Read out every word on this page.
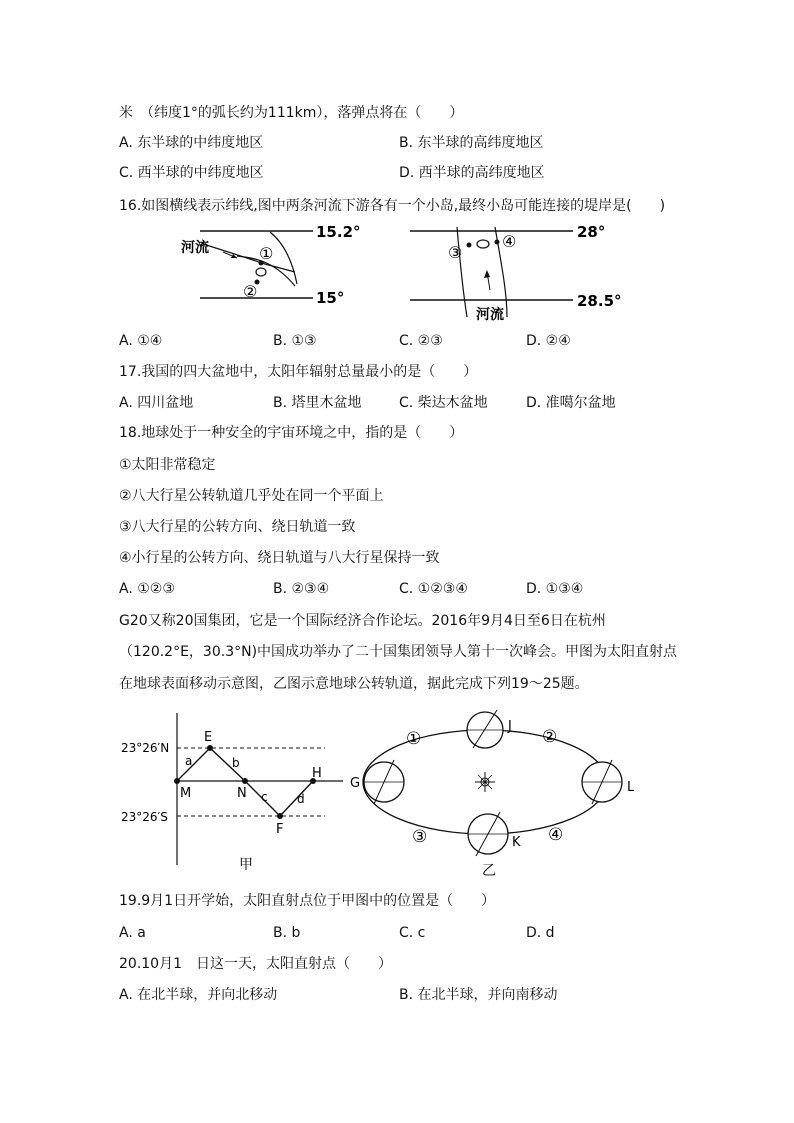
米　（纬度1°的弧长约为111km），落弹点将在（　　）
A. 东半球的中纬度地区	B. 东半球的高纬度地区
C. 西半球的中纬度地区	D. 西半球的高纬度地区
16.如图横线表示纬线,图中两条河流下游各有一个小岛,最终小岛可能连接的堤岸是(　　)
河流
15.2°
15°
①
②
28°
28.5°
③
④
河流
A. ①④	B. ①③	C. ②③	D. ②④
17.我国的四大盆地中，太阳年辐射总量最小的是（　　）
A. 四川盆地	B. 塔里木盆地	C. 柴达木盆地	D. 准噶尔盆地
18.地球处于一种安全的宇宙环境之中，指的是（　　）
①太阳非常稳定
②八大行星公转轨道几乎处在同一个平面上
③八大行星的公转方向、绕日轨道一致
④小行星的公转方向、绕日轨道与八大行星保持一致
A. ①②③	B. ②③④	C. ①②③④	D. ①③④
G20又称20国集团，它是一个国际经济合作论坛。2016年9月4日至6日在杭州
（120.2°E，30.3°N)中国成功举办了二十国集团领导人第十一次峰会。甲图为太阳直射点
在地球表面移动示意图，乙图示意地球公转轨道，据此完成下列19～25题。
23°26′N
23°26′S
E
M	N
F
H
a	b
c d
甲
J
G	L
K
乙
①	②
③	④
19.9月1日开学始，太阳直射点位于甲图中的位置是（　　）
A. a	B. b	C. c	D. d
20.10月1　日这一天，太阳直射点（　　）
A. 在北半球，并向北移动	B. 在北半球，并向南移动
